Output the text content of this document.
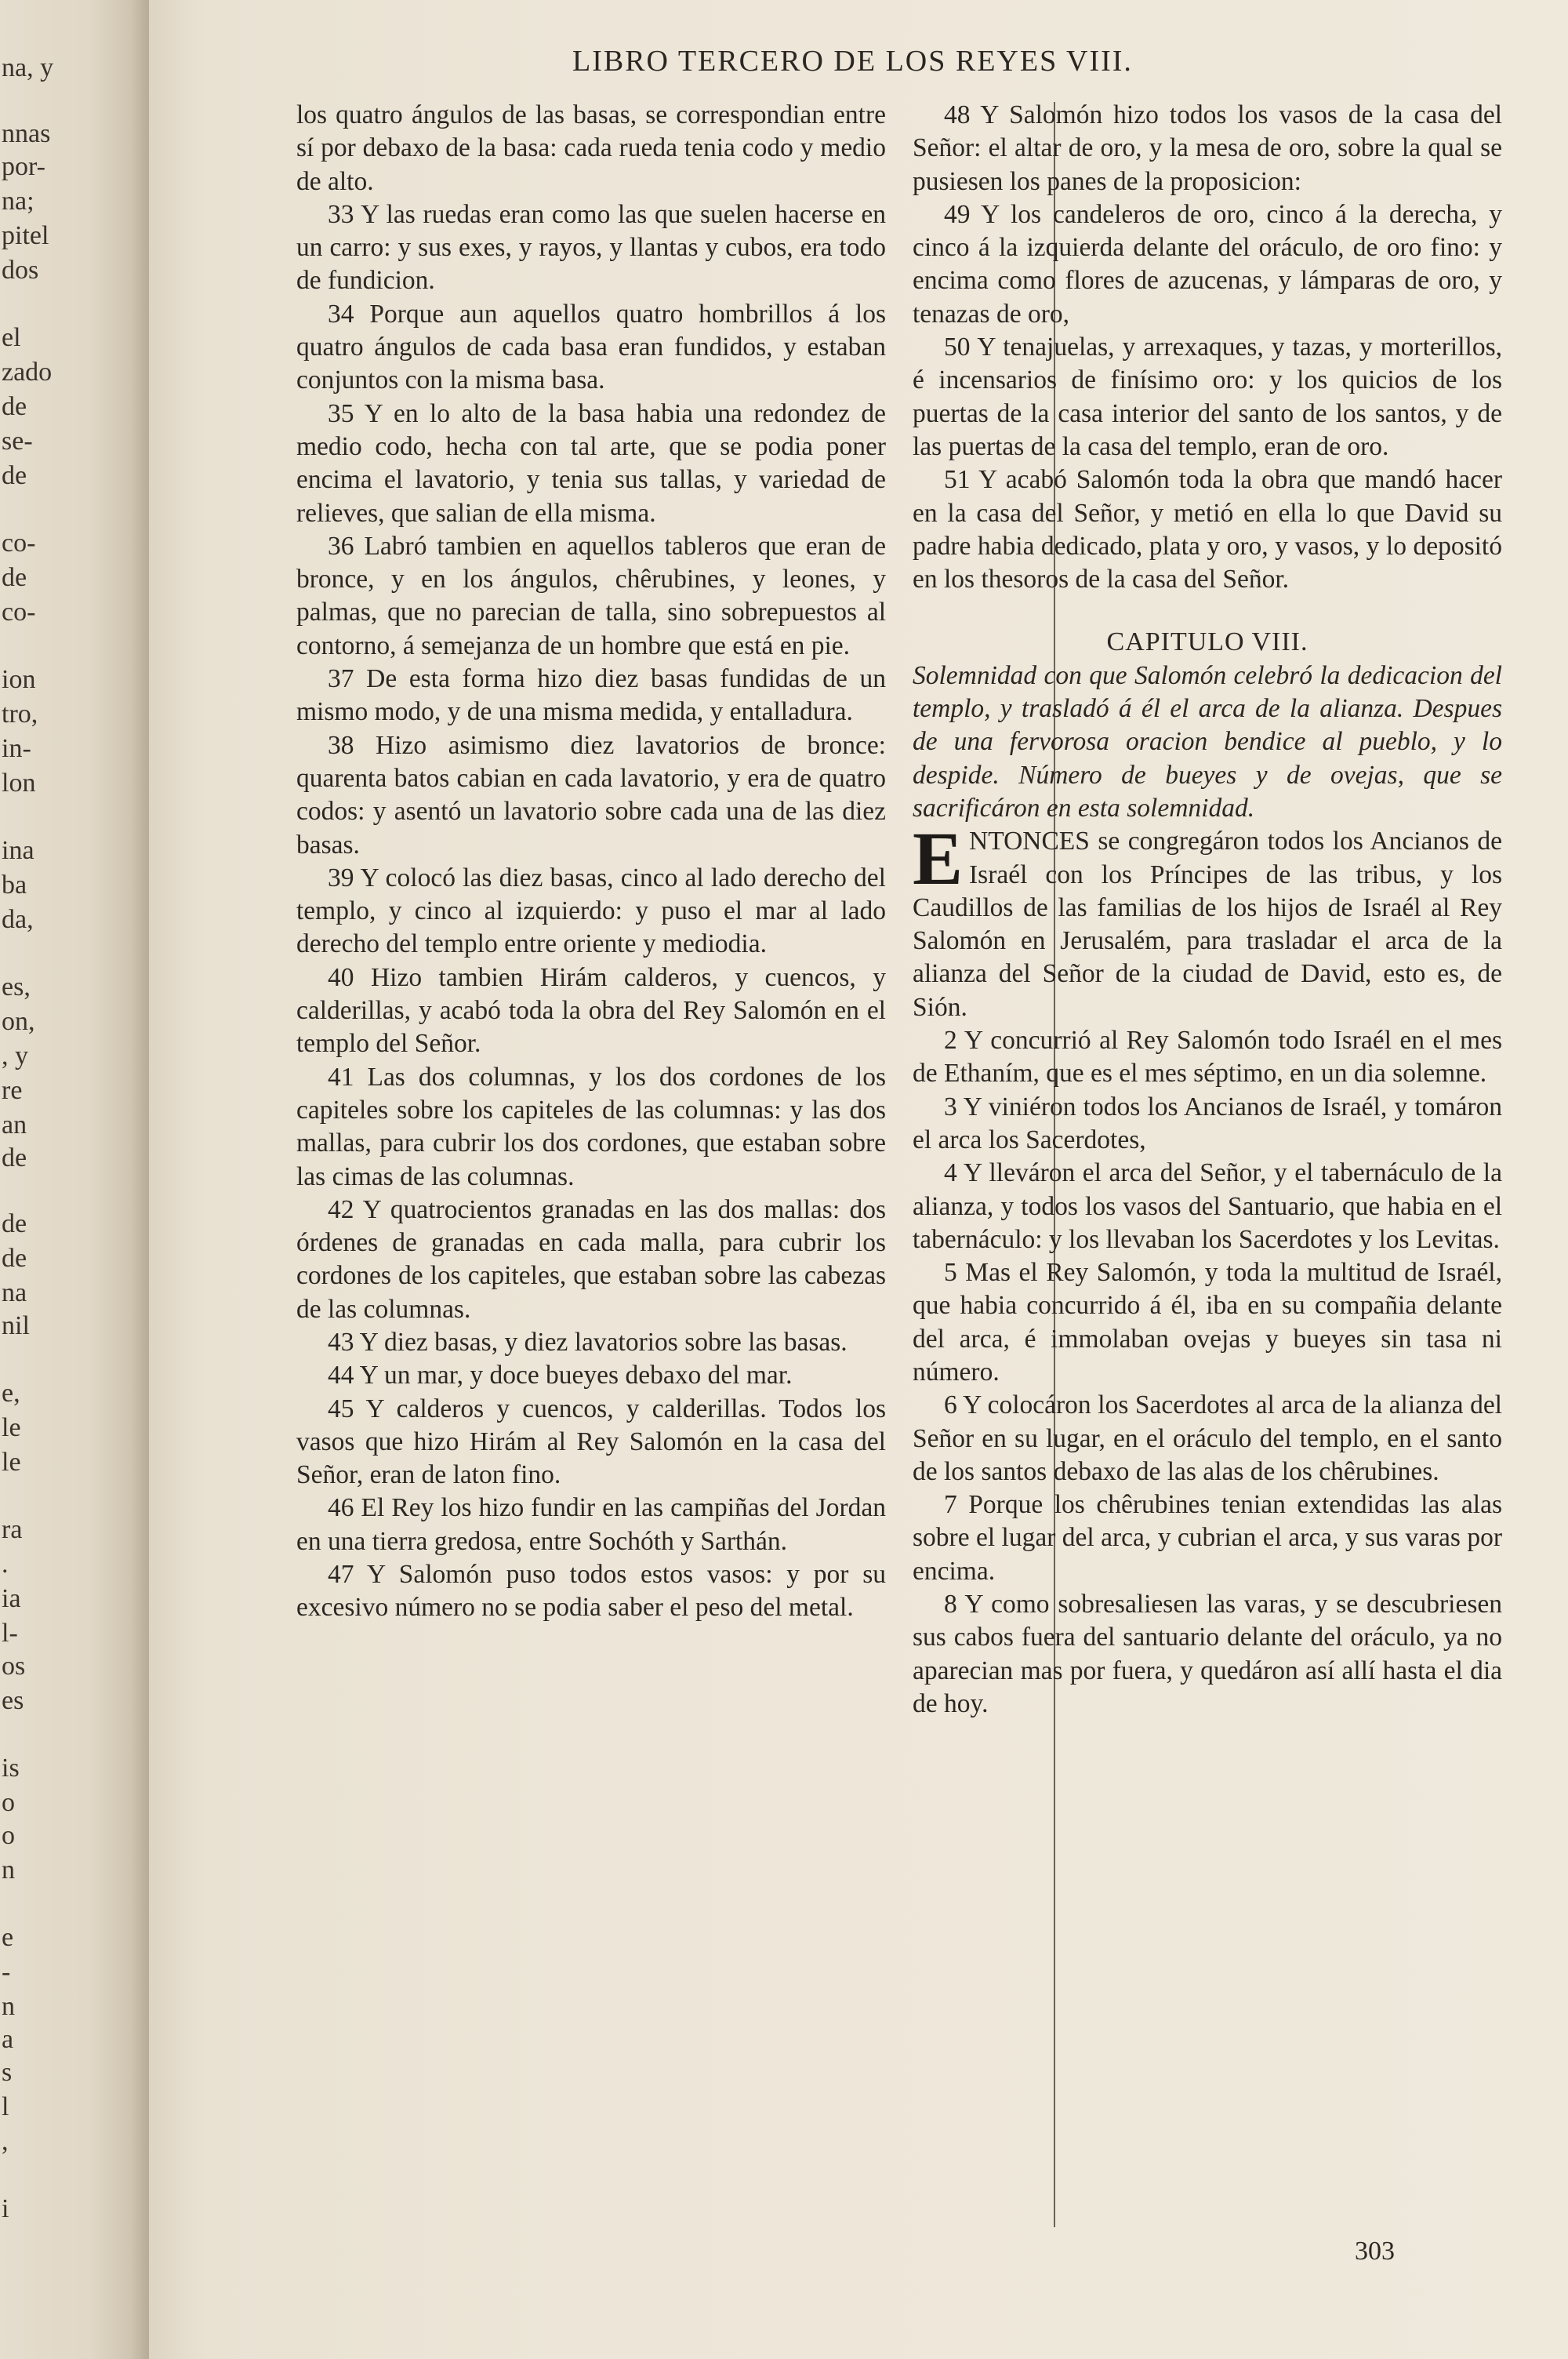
na, y
nnas
por-
na;
pitel
dos
el
zado
de
se-
de
co-
de
co-
ion
tro,
in-
lon
ina
ba
da,
es,
on,
, y
re
an
de
de
de
na
nil
e,
le
le
ra
.
ia
l-
os
es
is
o
o
n
e
-
n
a
s
l
,
i
LIBRO TERCERO DE LOS REYES VIII.

los quatro ángulos de las basas, se correspondian entre sí por debaxo de la basa: cada rueda tenia codo y medio de alto.

33 Y las ruedas eran como las que suelen hacerse en un carro: y sus exes, y rayos, y llantas y cubos, era todo de fundicion.

34 Porque aun aquellos quatro hombrillos á los quatro ángulos de cada basa eran fundidos, y estaban conjuntos con la misma basa.

35 Y en lo alto de la basa habia una redondez de medio codo, hecha con tal arte, que se podia poner encima el lavatorio, y tenia sus tallas, y variedad de relieves, que salian de ella misma.

36 Labró tambien en aquellos tableros que eran de bronce, y en los ángulos, chêrubines, y leones, y palmas, que no parecian de talla, sino sobrepuestos al contorno, á semejanza de un hombre que está en pie.

37 De esta forma hizo diez basas fundidas de un mismo modo, y de una misma medida, y entalladura.

38 Hizo asimismo diez lavatorios de bronce: quarenta batos cabian en cada lavatorio, y era de quatro codos: y asentó un lavatorio sobre cada una de las diez basas.

39 Y colocó las diez basas, cinco al lado derecho del templo, y cinco al izquierdo: y puso el mar al lado derecho del templo entre oriente y mediodia.

40 Hizo tambien Hirám calderos, y cuencos, y calderillas, y acabó toda la obra del Rey Salomón en el templo del Señor.

41 Las dos columnas, y los dos cordones de los capiteles sobre los capiteles de las columnas: y las dos mallas, para cubrir los dos cordones, que estaban sobre las cimas de las columnas.

42 Y quatrocientos granadas en las dos mallas: dos órdenes de granadas en cada malla, para cubrir los cordones de los capiteles, que estaban sobre las cabezas de las columnas.

43 Y diez basas, y diez lavatorios sobre las basas.

44 Y un mar, y doce bueyes debaxo del mar.

45 Y calderos y cuencos, y calderillas. Todos los vasos que hizo Hirám al Rey Salomón en la casa del Señor, eran de laton fino.

46 El Rey los hizo fundir en las campiñas del Jordan en una tierra gredosa, entre Sochóth y Sarthán.

47 Y Salomón puso todos estos vasos: y por su excesivo número no se podia saber el peso del metal.

48 Y Salomón hizo todos los vasos de la casa del Señor: el altar de oro, y la mesa de oro, sobre la qual se pusiesen los panes de la proposicion:

49 Y los candeleros de oro, cinco á la derecha, y cinco á la izquierda delante del oráculo, de oro fino: y encima como flores de azucenas, y lámparas de oro, y tenazas de oro,

50 Y tenajuelas, y arrexaques, y tazas, y morterillos, é incensarios de finísimo oro: y los quicios de los puertas de la casa interior del santo de los santos, y de las puertas de la casa del templo, eran de oro.

51 Y acabó Salomón toda la obra que mandó hacer en la casa del Señor, y metió en ella lo que David su padre habia dedicado, plata y oro, y vasos, y lo depositó en los thesoros de la casa del Señor.

CAPITULO VIII.

Solemnidad con que Salomón celebró la dedicacion del templo, y trasladó á él el arca de la alianza. Despues de una fervorosa oracion bendice al pueblo, y lo despide. Número de bueyes y de ovejas, que se sacrificáron en esta solemnidad.

ENTONCES se congregáron todos los Ancianos de Israél con los Príncipes de las tribus, y los Caudillos de las familias de los hijos de Israél al Rey Salomón en Jerusalém, para trasladar el arca de la alianza del Señor de la ciudad de David, esto es, de Sión.

2 Y concurrió al Rey Salomón todo Israél en el mes de Ethaním, que es el mes séptimo, en un dia solemne.

3 Y viniéron todos los Ancianos de Israél, y tomáron el arca los Sacerdotes,

4 Y lleváron el arca del Señor, y el tabernáculo de la alianza, y todos los vasos del Santuario, que habia en el tabernáculo: y los llevaban los Sacerdotes y los Levitas.

5 Mas el Rey Salomón, y toda la multitud de Israél, que habia concurrido á él, iba en su compañia delante del arca, é immolaban ovejas y bueyes sin tasa ni número.

6 Y colocáron los Sacerdotes al arca de la alianza del Señor en su lugar, en el oráculo del templo, en el santo de los santos debaxo de las alas de los chêrubines.

7 Porque los chêrubines tenian extendidas las alas sobre el lugar del arca, y cubrian el arca, y sus varas por encima.

8 Y como sobresaliesen las varas, y se descubriesen sus cabos fuera del santuario delante del oráculo, ya no aparecian mas por fuera, y quedáron así allí hasta el dia de hoy.

303
